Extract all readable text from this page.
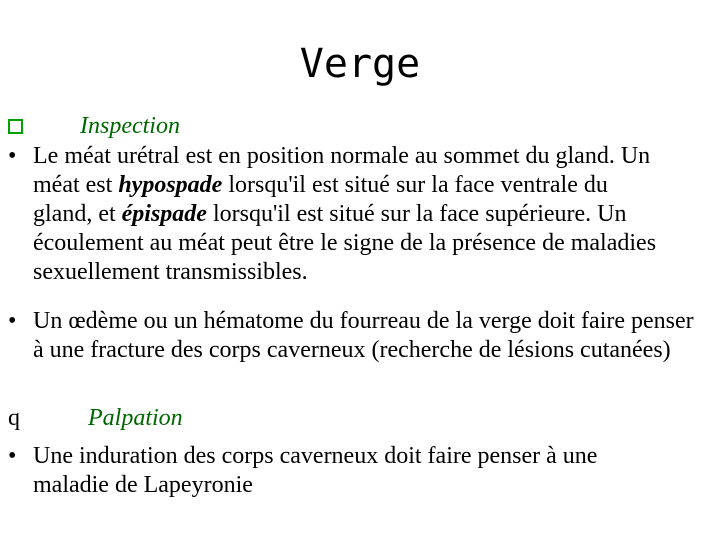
Verge
Inspection
• Le méat urétral est en position normale au sommet du gland. Un méat est hypospade lorsqu'il est situé sur la face ventrale du gland, et épispade lorsqu'il est situé sur la face supérieure. Un écoulement au méat peut être le signe de la présence de maladies sexuellement transmissibles.
• Un œdème ou un hématome du fourreau de la verge doit faire penser à une fracture des corps caverneux (recherche de lésions cutanées)
q	Palpation
• Une induration des corps caverneux doit faire penser à une maladie de Lapeyronie
